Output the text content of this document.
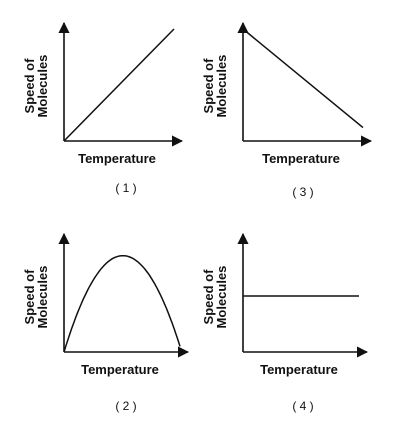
Temperature
Speed ofMolecules
( 1 )
Temperature
Speed ofMolecules
( 3 )
Temperature
Speed ofMolecules
( 2 )
Temperature
Speed ofMolecules
( 4 )
